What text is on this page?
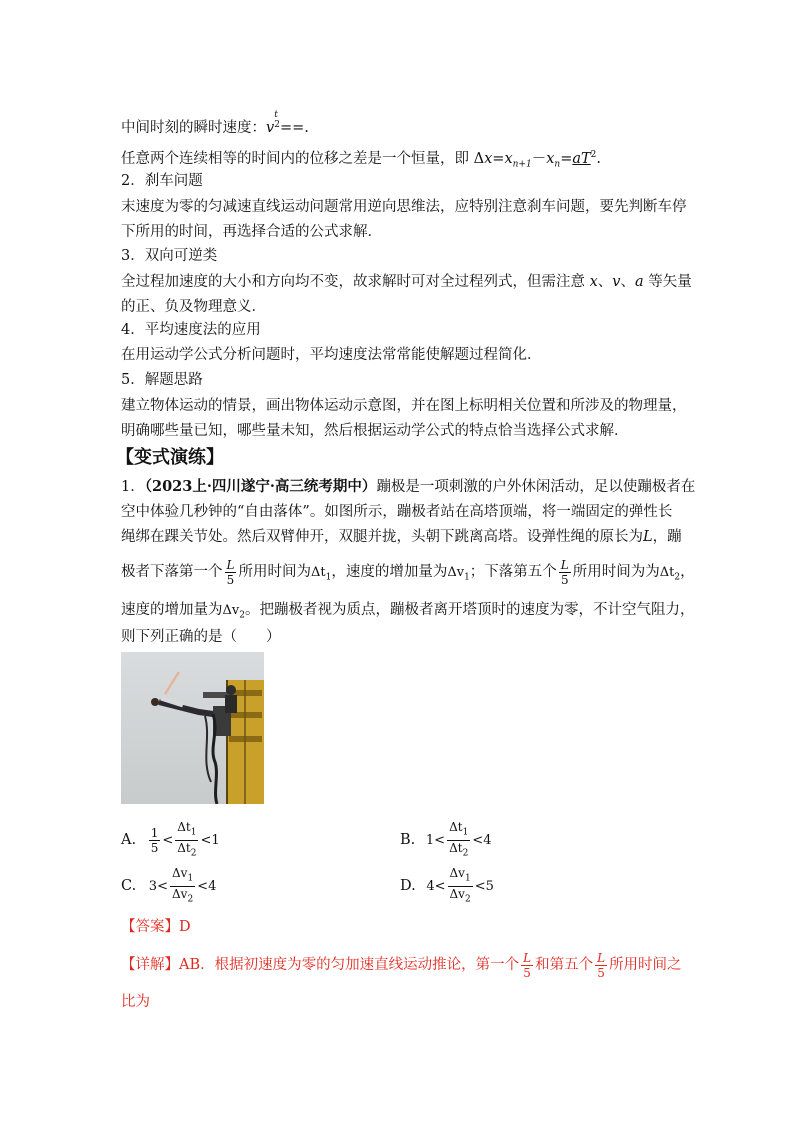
中间时刻的瞬时速度：v
t
2 ==.
任意两个连续相等的时间内的位移之差是一个恒量，即 $\Delta x=x_{n+1}-x_n=aT^2$.
2．刹车问题
末速度为零的匀减速直线运动问题常用逆向思维法，应特别注意刹车问题，要先判断车停
下所用的时间，再选择合适的公式求解．
3．双向可逆类
全过程加速度的大小和方向均不变，故求解时可对全过程列式，但需注意 x、v、a 等矢量
的正、负及物理意义．
4．平均速度法的应用
在用运动学公式分析问题时，平均速度法常常能使解题过程简化．
5．解题思路
建立物体运动的情景，画出物体运动示意图，并在图上标明相关位置和所涉及的物理量，
明确哪些量已知，哪些量未知，然后根据运动学公式的特点恰当选择公式求解．
【变式演练】
1．（2023上·四川遂宁·高三统考期中）蹦极是一项刺激的户外休闲活动，足以使蹦极者在
空中体验几秒钟的“自由落体”。如图所示，蹦极者站在高塔顶端，将一端固定的弹性长
绳绑在踝关节处。然后双臂伸开，双腿并拢，头朝下跳离高塔。设弹性绳的原长为L，蹦
极者下落第一个 $\frac{L}{5}$ 所用时间为$\Delta t_1$，速度的增加量为$\Delta v_1$；下落第五个 $\frac{L}{5}$ 所用时间为为$\Delta t_2$，
速度的增加量为$\Delta v_2$。把蹦极者视为质点，蹦极者离开塔顶时的速度为零，不计空气阻力，
则下列正确的是（　　）
A. $\frac{1}{5} < \frac{\Delta t_1}{\Delta t_2} <1$	B. $1< \frac{\Delta t_1}{\Delta t_2} <4$
C. $3< \frac{\Delta v_1}{\Delta v_2} <4$	D. $4< \frac{\Delta v_1}{\Delta v_2} <5$
【答案】D
【详解】AB．根据初速度为零的匀加速直线运动推论，第一个 $\frac{L}{5}$ 和第五个 $\frac{L}{5}$ 所用时间之
比为
